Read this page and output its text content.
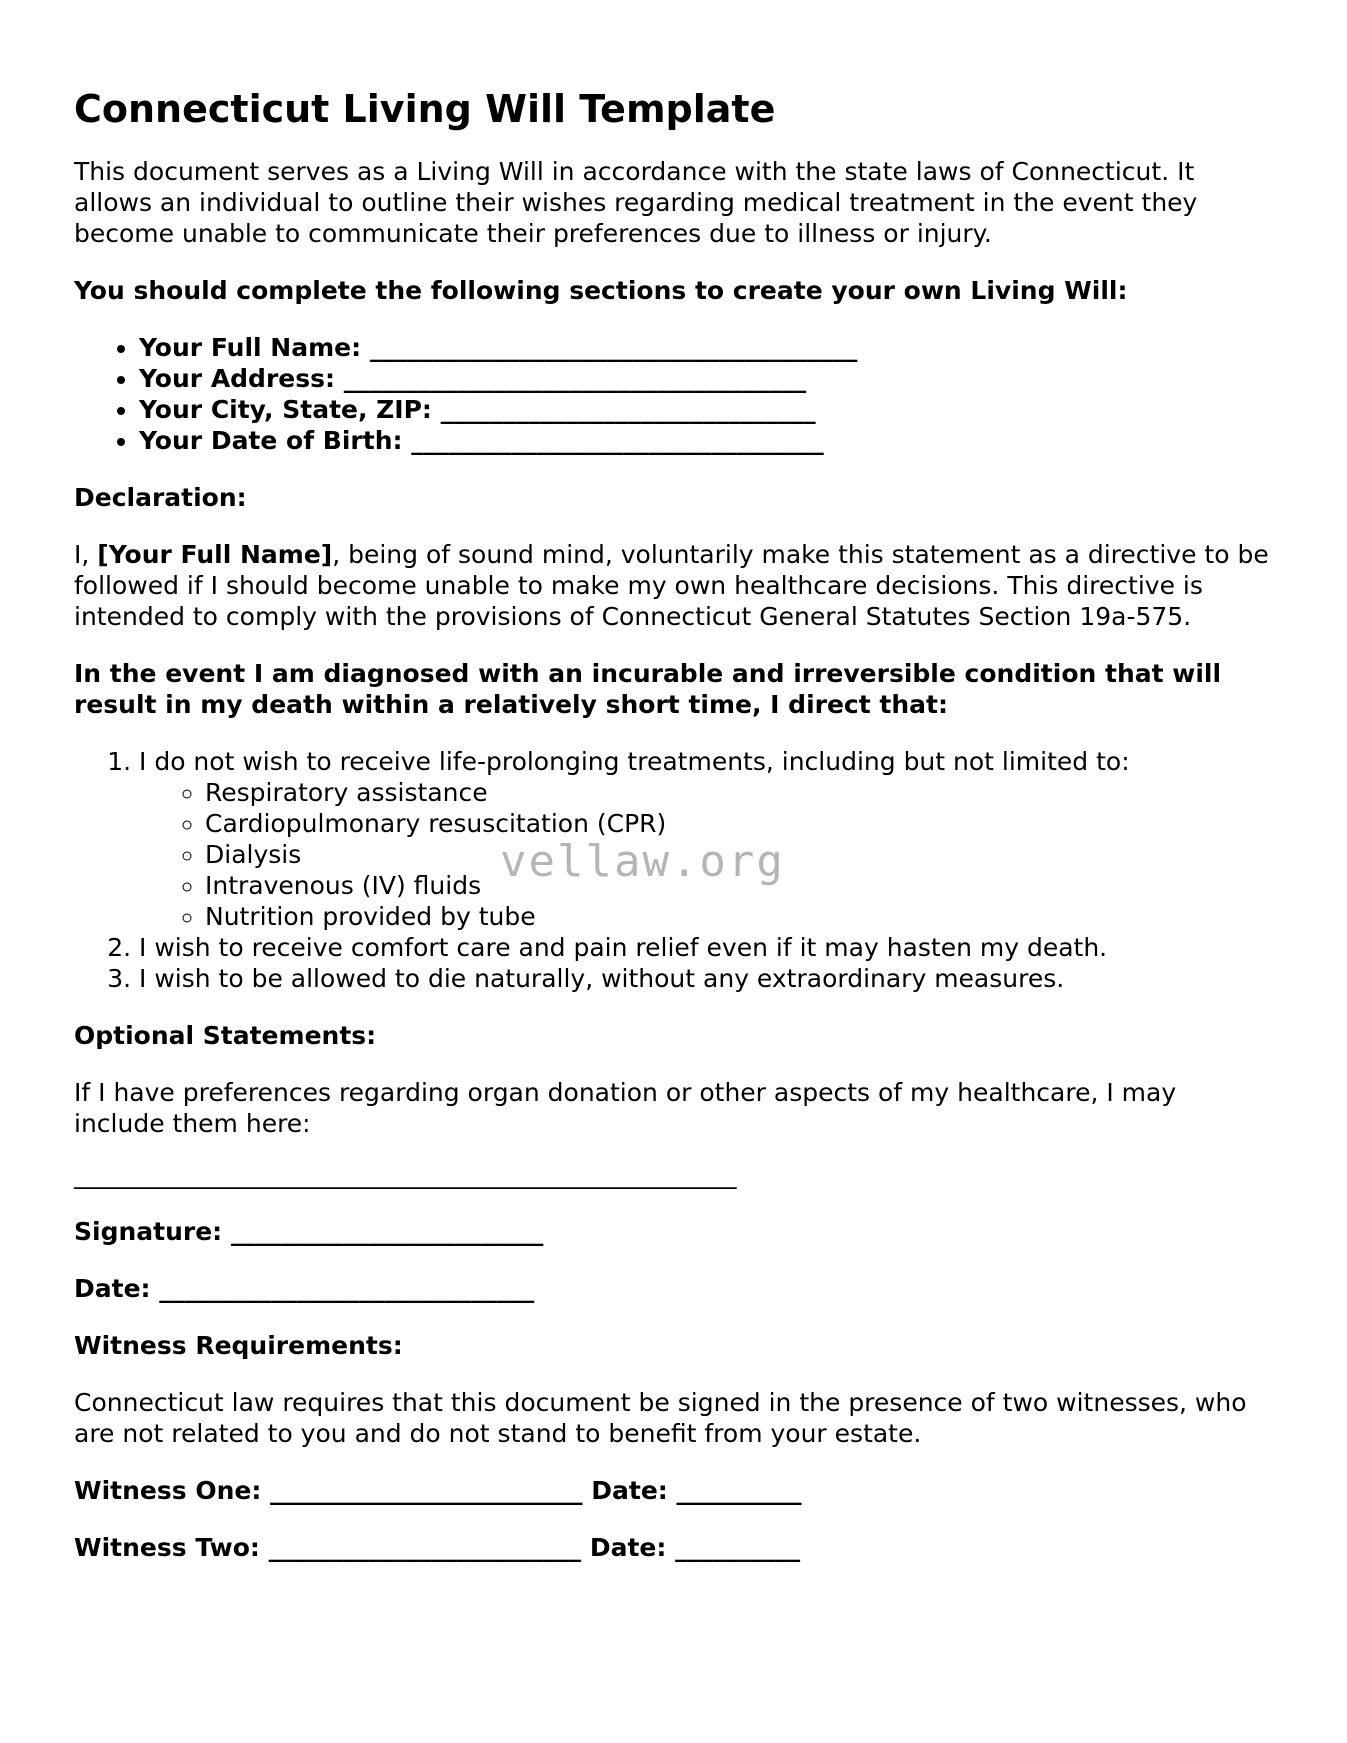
Connecticut Living Will Template

This document serves as a Living Will in accordance with the state laws of Connecticut. It allows an individual to outline their wishes regarding medical treatment in the event they become unable to communicate their preferences due to illness or injury.

You should complete the following sections to create your own Living Will:

• Your Full Name: _______________________________________
• Your Address: _____________________________________
• Your City, State, ZIP: ______________________________
• Your Date of Birth: _________________________________

Declaration:

I, [Your Full Name], being of sound mind, voluntarily make this statement as a directive to be followed if I should become unable to make my own healthcare decisions. This directive is intended to comply with the provisions of Connecticut General Statutes Section 19a-575.

In the event I am diagnosed with an incurable and irreversible condition that will result in my death within a relatively short time, I direct that:

1. I do not wish to receive life-prolonging treatments, including but not limited to:
◦ Respiratory assistance
◦ Cardiopulmonary resuscitation (CPR)
◦ Dialysis
◦ Intravenous (IV) fluids
◦ Nutrition provided by tube
2. I wish to receive comfort care and pain relief even if it may hasten my death.
3. I wish to be allowed to die naturally, without any extraordinary measures.

Optional Statements:

If I have preferences regarding organ donation or other aspects of my healthcare, I may include them here:

_____________________________________________________

Signature: _________________________

Date: ______________________________

Witness Requirements:

Connecticut law requires that this document be signed in the presence of two witnesses, who are not related to you and do not stand to benefit from your estate.

Witness One: _________________________ Date: __________

Witness Two: _________________________ Date: __________

vellaw.org
